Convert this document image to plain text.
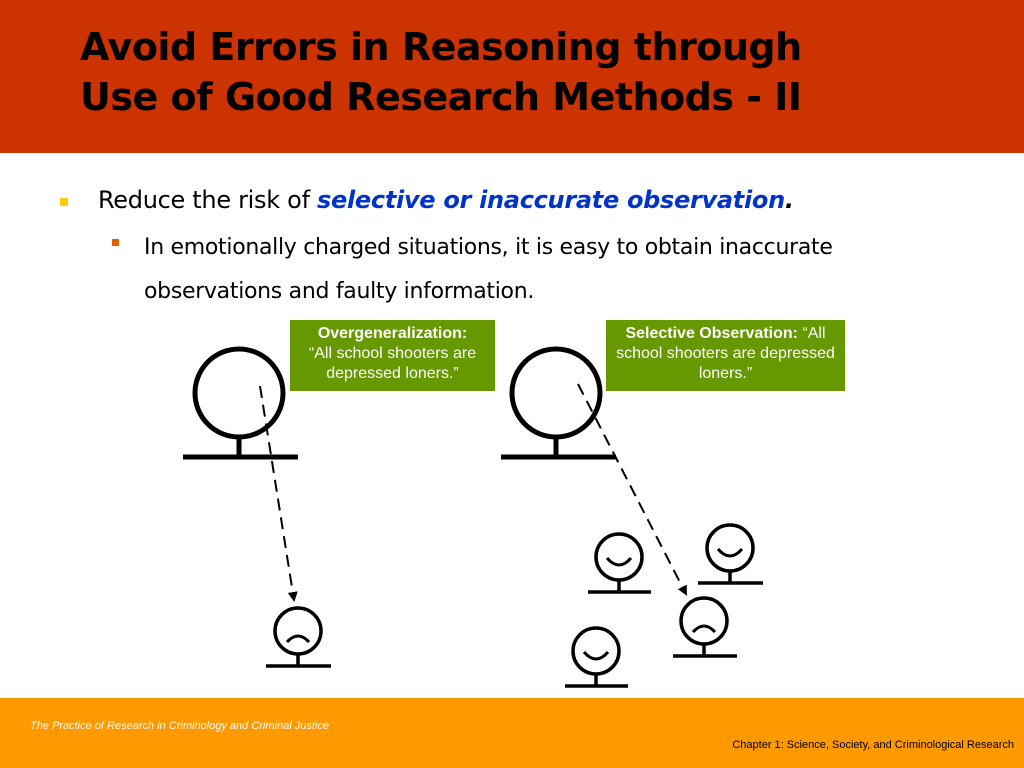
Avoid Errors in Reasoning through
Use of Good Research Methods - II
Reduce the risk of selective or inaccurate observation.
In emotionally charged situations, it is easy to obtain inaccurate observations and faulty information.
Overgeneralization:
“All school shooters are depressed loners.”
Selective Observation: “All school shooters are depressed loners.”
The Practice of Research in Criminology and Criminal Justice
Chapter 1: Science, Society, and Criminological Research
